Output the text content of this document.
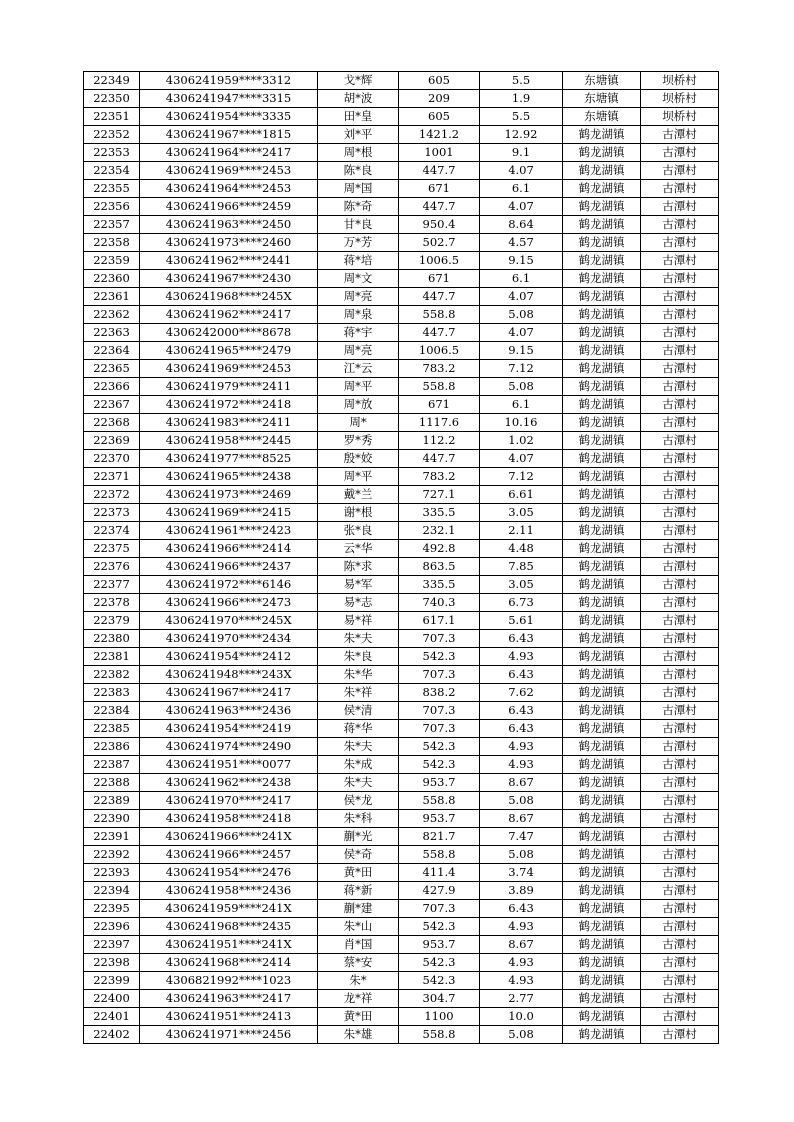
22349	4306241959****3312	戈*辉	605	5.5	东塘镇	坝桥村
22350	4306241947****3315	胡*波	209	1.9	东塘镇	坝桥村
22351	4306241954****3335	田*皇	605	5.5	东塘镇	坝桥村
22352	4306241967****1815	刘*平	1421.2	12.92	鹤龙湖镇	古潭村
22353	4306241964****2417	周*根	1001	9.1	鹤龙湖镇	古潭村
22354	4306241969****2453	陈*良	447.7	4.07	鹤龙湖镇	古潭村
22355	4306241964****2453	周*国	671	6.1	鹤龙湖镇	古潭村
22356	4306241966****2459	陈*奇	447.7	4.07	鹤龙湖镇	古潭村
22357	4306241963****2450	甘*良	950.4	8.64	鹤龙湖镇	古潭村
22358	4306241973****2460	万*芳	502.7	4.57	鹤龙湖镇	古潭村
22359	4306241962****2441	蒋*培	1006.5	9.15	鹤龙湖镇	古潭村
22360	4306241967****2430	周*文	671	6.1	鹤龙湖镇	古潭村
22361	4306241968****245X	周*亮	447.7	4.07	鹤龙湖镇	古潭村
22362	4306241962****2417	周*泉	558.8	5.08	鹤龙湖镇	古潭村
22363	4306242000****8678	蒋*宇	447.7	4.07	鹤龙湖镇	古潭村
22364	4306241965****2479	周*亮	1006.5	9.15	鹤龙湖镇	古潭村
22365	4306241969****2453	江*云	783.2	7.12	鹤龙湖镇	古潭村
22366	4306241979****2411	周*平	558.8	5.08	鹤龙湖镇	古潭村
22367	4306241972****2418	周*放	671	6.1	鹤龙湖镇	古潭村
22368	4306241983****2411	周*	1117.6	10.16	鹤龙湖镇	古潭村
22369	4306241958****2445	罗*秀	112.2	1.02	鹤龙湖镇	古潭村
22370	4306241977****8525	殷*姣	447.7	4.07	鹤龙湖镇	古潭村
22371	4306241965****2438	周*平	783.2	7.12	鹤龙湖镇	古潭村
22372	4306241973****2469	戴*兰	727.1	6.61	鹤龙湖镇	古潭村
22373	4306241969****2415	谢*根	335.5	3.05	鹤龙湖镇	古潭村
22374	4306241961****2423	张*良	232.1	2.11	鹤龙湖镇	古潭村
22375	4306241966****2414	云*华	492.8	4.48	鹤龙湖镇	古潭村
22376	4306241966****2437	陈*求	863.5	7.85	鹤龙湖镇	古潭村
22377	4306241972****6146	易*军	335.5	3.05	鹤龙湖镇	古潭村
22378	4306241966****2473	易*志	740.3	6.73	鹤龙湖镇	古潭村
22379	4306241970****245X	易*祥	617.1	5.61	鹤龙湖镇	古潭村
22380	4306241970****2434	朱*夫	707.3	6.43	鹤龙湖镇	古潭村
22381	4306241954****2412	朱*良	542.3	4.93	鹤龙湖镇	古潭村
22382	4306241948****243X	朱*华	707.3	6.43	鹤龙湖镇	古潭村
22383	4306241967****2417	朱*祥	838.2	7.62	鹤龙湖镇	古潭村
22384	4306241963****2436	侯*清	707.3	6.43	鹤龙湖镇	古潭村
22385	4306241954****2419	蒋*华	707.3	6.43	鹤龙湖镇	古潭村
22386	4306241974****2490	朱*夫	542.3	4.93	鹤龙湖镇	古潭村
22387	4306241951****0077	朱*成	542.3	4.93	鹤龙湖镇	古潭村
22388	4306241962****2438	朱*夫	953.7	8.67	鹤龙湖镇	古潭村
22389	4306241970****2417	侯*龙	558.8	5.08	鹤龙湖镇	古潭村
22390	4306241958****2418	朱*科	953.7	8.67	鹤龙湖镇	古潭村
22391	4306241966****241X	蒯*光	821.7	7.47	鹤龙湖镇	古潭村
22392	4306241966****2457	侯*奇	558.8	5.08	鹤龙湖镇	古潭村
22393	4306241954****2476	黄*田	411.4	3.74	鹤龙湖镇	古潭村
22394	4306241958****2436	蒋*新	427.9	3.89	鹤龙湖镇	古潭村
22395	4306241959****241X	蒯*建	707.3	6.43	鹤龙湖镇	古潭村
22396	4306241968****2435	朱*山	542.3	4.93	鹤龙湖镇	古潭村
22397	4306241951****241X	肖*国	953.7	8.67	鹤龙湖镇	古潭村
22398	4306241968****2414	蔡*安	542.3	4.93	鹤龙湖镇	古潭村
22399	4306821992****1023	朱*	542.3	4.93	鹤龙湖镇	古潭村
22400	4306241963****2417	龙*祥	304.7	2.77	鹤龙湖镇	古潭村
22401	4306241951****2413	黄*田	1100	10.0	鹤龙湖镇	古潭村
22402	4306241971****2456	朱*雄	558.8	5.08	鹤龙湖镇	古潭村
